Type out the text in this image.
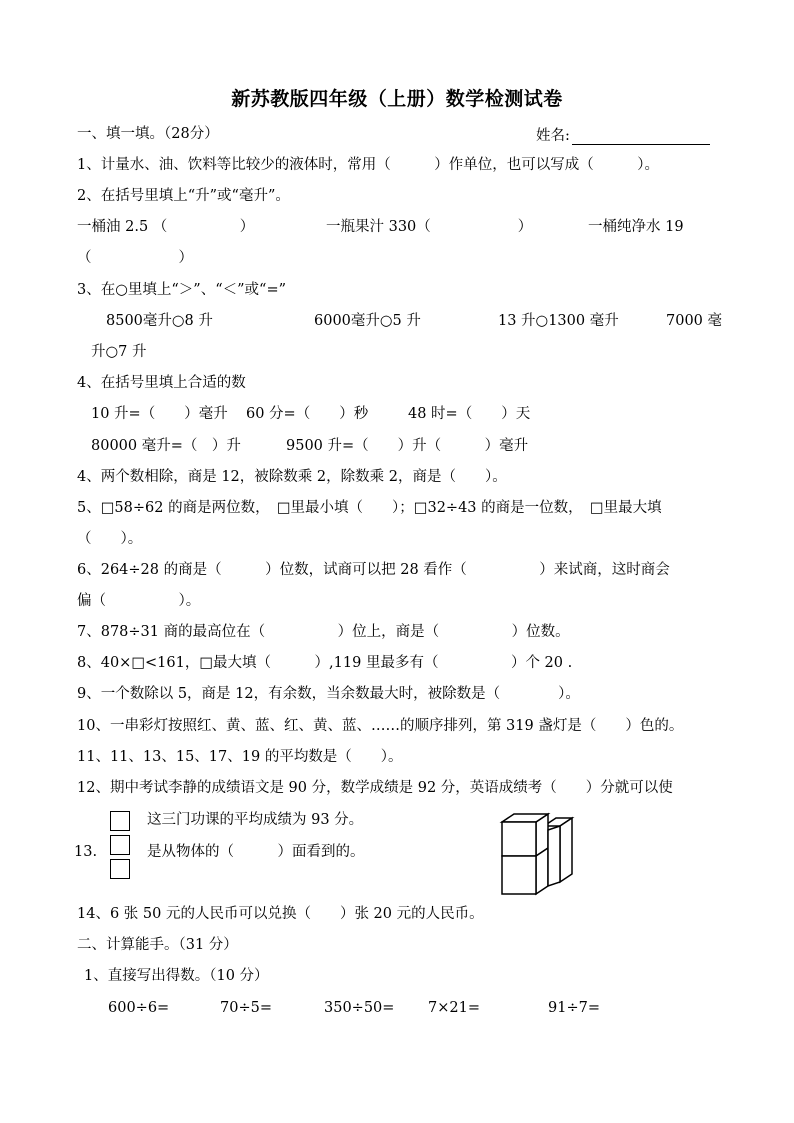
新苏教版四年级（上册）数学检测试卷
一、填一填。（28分）	姓名:
1、计量水、油、饮料等比较少的液体时，常用（　　　）作单位，也可以写成（　　　）。
2、在括号里填上“升”或“毫升”。
一桶油 2.5 （　　　　　）	一瓶果汁 330（　　　　　　）	一桶纯净水 19
（　　　　　　）
3、在○里填上“＞”、“＜”或“=”
8500毫升○8 升	6000毫升○5 升	13 升○1300 毫升	7000 毫
升○7 升
4、在括号里填上合适的数
10 升=（　　）毫升 60 分=（　　）秒	48 时=（　　）天
80000 毫升=（　）升	9500 升=（　　）升（　　　）毫升
4、两个数相除，商是 12，被除数乘 2，除数乘 2，商是（　　）。
5、□58÷62 的商是两位数，　□里最小填（　　）；□32÷43 的商是一位数，　□里最大填
（　　）。
6、264÷28 的商是（　　　）位数，试商可以把 28 看作（　　　　　）来试商，这时商会
偏（　　　　　）。
7、878÷31 商的最高位在（　　　　　）位上，商是（　　　　　）位数。
8、40×□<161，□最大填（　　　）,119 里最多有（　　　　　）个 20 .
9、一个数除以 5，商是 12，有余数，当余数最大时，被除数是（　　　　）。
10、一串彩灯按照红、黄、蓝、红、黄、蓝、……的顺序排列，第 319 盏灯是（　　）色的。
11、11、13、15、17、19 的平均数是（　　）。
12、期中考试李静的成绩语文是 90 分，数学成绩是 92 分，英语成绩考（　　）分就可以使
这三门功课的平均成绩为 93 分。
13.	是从物体的（　　　）面看到的。
14、6 张 50 元的人民币可以兑换（　　）张 20 元的人民币。
二、计算能手。（31 分）
1、直接写出得数。（10 分）
600÷6=	70÷5=	350÷50= 7×21=	91÷7=
